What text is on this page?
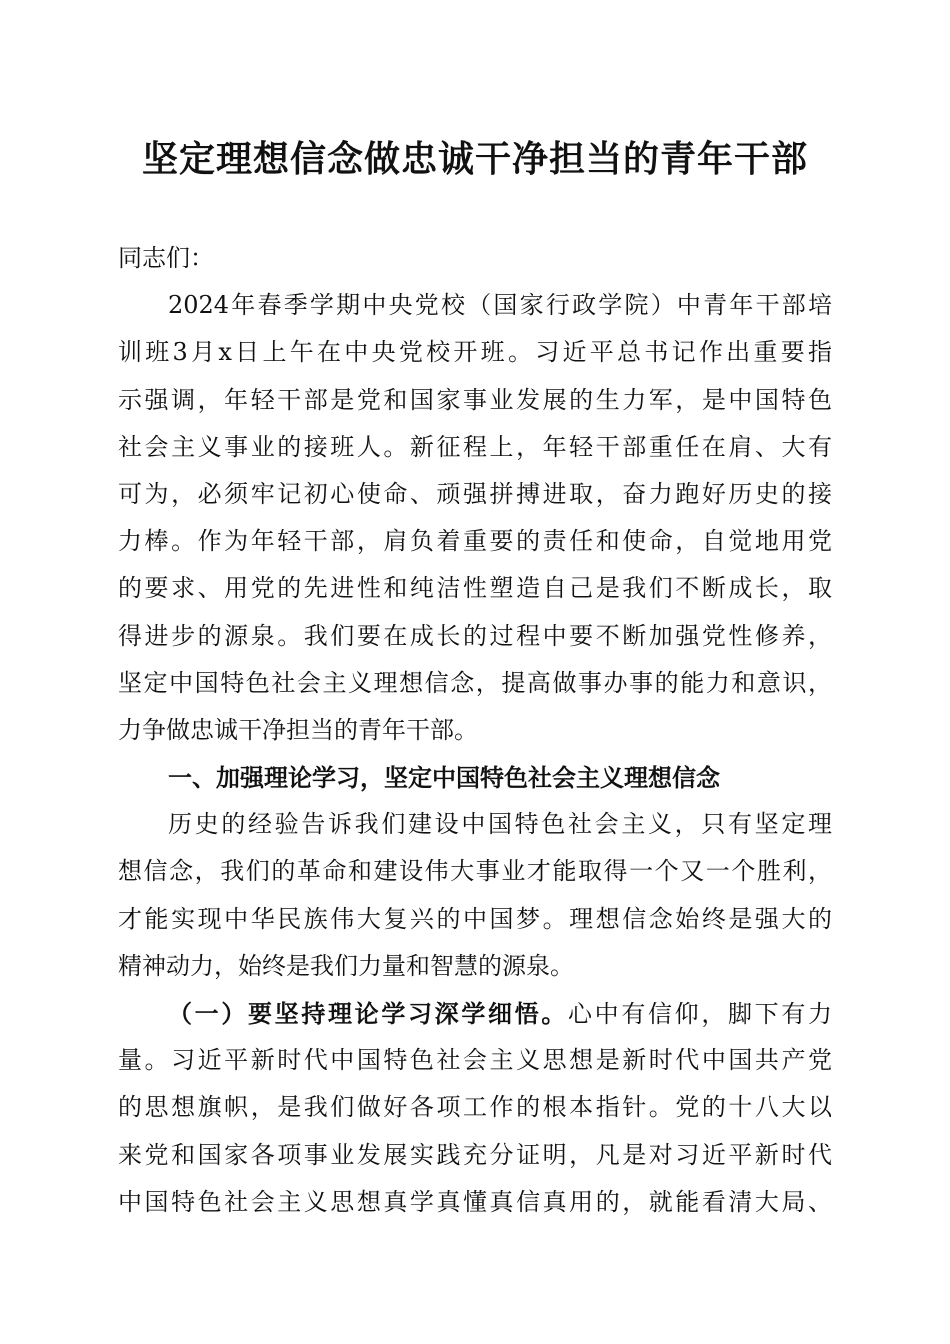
坚定理想信念做忠诚干净担当的青年干部

同志们：

2024年春季学期中央党校（国家行政学院）中青年干部培

训班3月x日上午在中央党校开班。习近平总书记作出重要指

示强调，年轻干部是党和国家事业发展的生力军，是中国特色

社会主义事业的接班人。新征程上，年轻干部重任在肩、大有

可为，必须牢记初心使命、顽强拼搏进取，奋力跑好历史的接

力棒。作为年轻干部，肩负着重要的责任和使命，自觉地用党

的要求、用党的先进性和纯洁性塑造自己是我们不断成长，取

得进步的源泉。我们要在成长的过程中要不断加强党性修养，

坚定中国特色社会主义理想信念，提高做事办事的能力和意识，

力争做忠诚干净担当的青年干部。

一、加强理论学习，坚定中国特色社会主义理想信念

历史的经验告诉我们建设中国特色社会主义，只有坚定理

想信念，我们的革命和建设伟大事业才能取得一个又一个胜利，

才能实现中华民族伟大复兴的中国梦。理想信念始终是强大的

精神动力，始终是我们力量和智慧的源泉。

（一）要坚持理论学习深学细悟。心中有信仰，脚下有力

量。习近平新时代中国特色社会主义思想是新时代中国共产党

的思想旗帜，是我们做好各项工作的根本指针。党的十八大以

来党和国家各项事业发展实践充分证明，凡是对习近平新时代

中国特色社会主义思想真学真懂真信真用的，就能看清大局、
